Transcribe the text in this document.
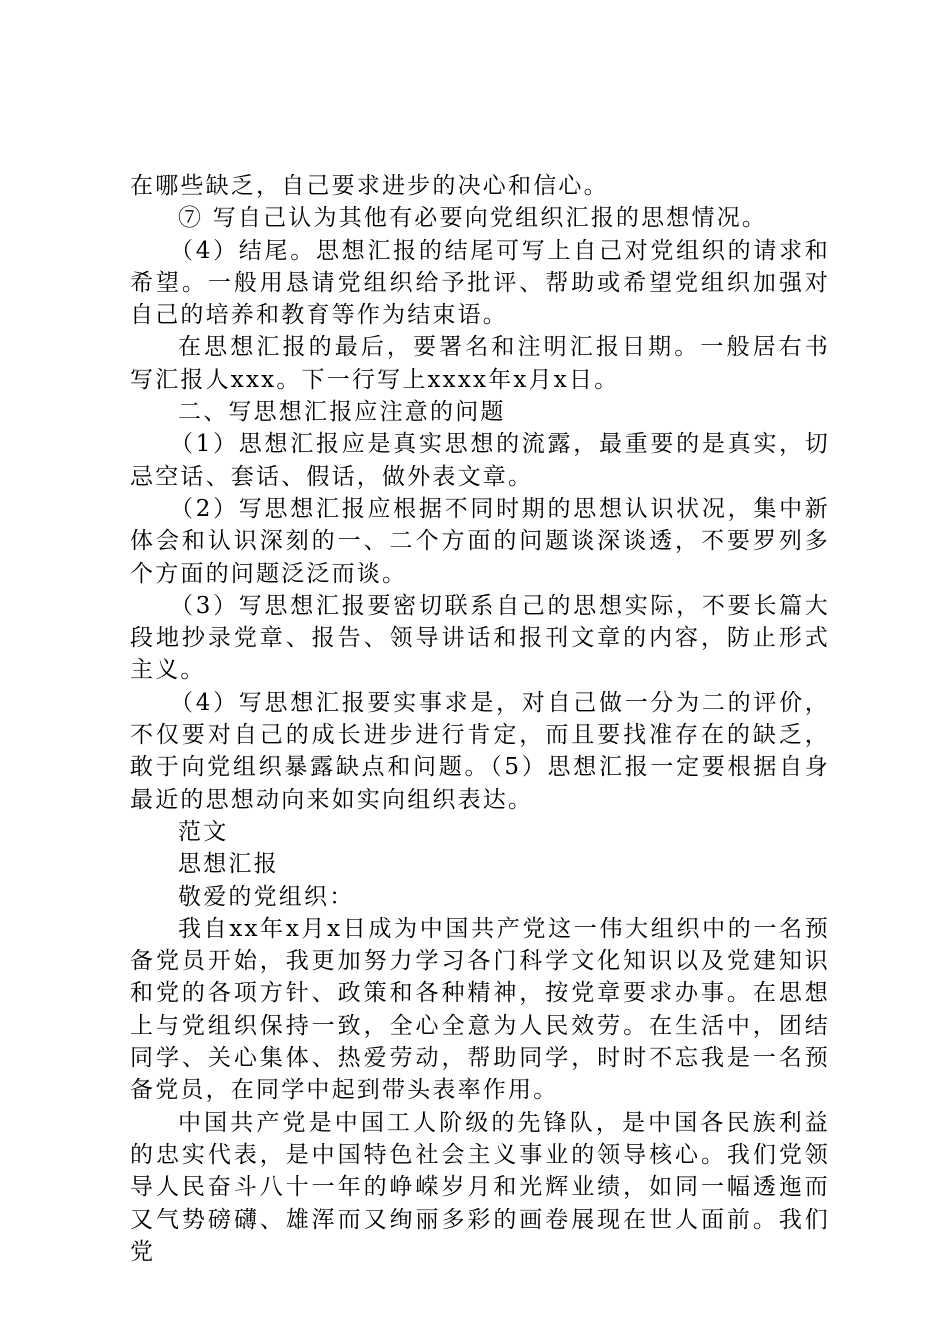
在哪些缺乏，自己要求进步的决心和信心。

⑦ 写自己认为其他有必要向党组织汇报的思想情况。

（4）结尾。思想汇报的结尾可写上自己对党组织的请求和希望。一般用恳请党组织给予批评、帮助或希望党组织加强对自己的培养和教育等作为结束语。

在思想汇报的最后，要署名和注明汇报日期。一般居右书写汇报人xxx。下一行写上xxxx年x月x日。

二、写思想汇报应注意的问题

（1）思想汇报应是真实思想的流露，最重要的是真实，切忌空话、套话、假话，做外表文章。

（2）写思想汇报应根据不同时期的思想认识状况，集中新体会和认识深刻的一、二个方面的问题谈深谈透，不要罗列多个方面的问题泛泛而谈。

（3）写思想汇报要密切联系自己的思想实际，不要长篇大段地抄录党章、报告、领导讲话和报刊文章的内容，防止形式主义。

（4）写思想汇报要实事求是，对自己做一分为二的评价，不仅要对自己的成长进步进行肯定，而且要找准存在的缺乏，敢于向党组织暴露缺点和问题。（5）思想汇报一定要根据自身最近的思想动向来如实向组织表达。

范文

思想汇报

敬爱的党组织：

我自xx年x月x日成为中国共产党这一伟大组织中的一名预备党员开始，我更加努力学习各门科学文化知识以及党建知识和党的各项方针、政策和各种精神，按党章要求办事。在思想上与党组织保持一致，全心全意为人民效劳。在生活中，团结同学、关心集体、热爱劳动，帮助同学，时时不忘我是一名预备党员，在同学中起到带头表率作用。

中国共产党是中国工人阶级的先锋队，是中国各民族利益的忠实代表，是中国特色社会主义事业的领导核心。我们党领导人民奋斗八十一年的峥嵘岁月和光辉业绩，如同一幅透迤而又气势磅礴、雄浑而又绚丽多彩的画卷展现在世人面前。我们党
